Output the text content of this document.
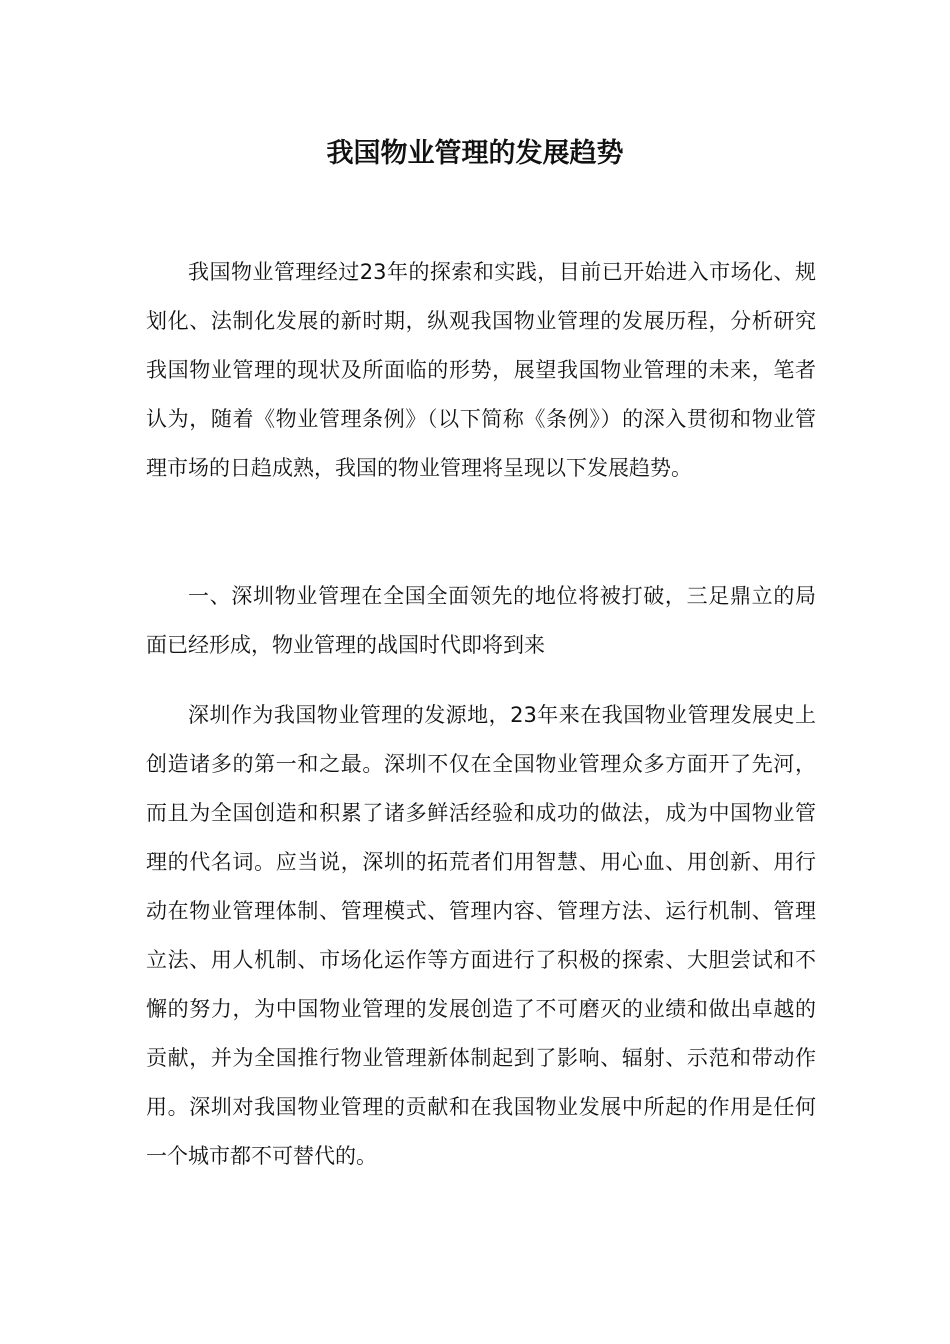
我国物业管理的发展趋势

我国物业管理经过23年的探索和实践，目前已开始进入市场化、规划化、法制化发展的新时期，纵观我国物业管理的发展历程，分析研究我国物业管理的现状及所面临的形势，展望我国物业管理的未来，笔者认为，随着《物业管理条例》（以下简称《条例》）的深入贯彻和物业管理市场的日趋成熟，我国的物业管理将呈现以下发展趋势。

一、深圳物业管理在全国全面领先的地位将被打破，三足鼎立的局面已经形成，物业管理的战国时代即将到来

深圳作为我国物业管理的发源地，23年来在我国物业管理发展史上创造诸多的第一和之最。深圳不仅在全国物业管理众多方面开了先河，而且为全国创造和积累了诸多鲜活经验和成功的做法，成为中国物业管理的代名词。应当说，深圳的拓荒者们用智慧、用心血、用创新、用行动在物业管理体制、管理模式、管理内容、管理方法、运行机制、管理立法、用人机制、市场化运作等方面进行了积极的探索、大胆尝试和不懈的努力，为中国物业管理的发展创造了不可磨灭的业绩和做出卓越的贡献，并为全国推行物业管理新体制起到了影响、辐射、示范和带动作用。深圳对我国物业管理的贡献和在我国物业发展中所起的作用是任何一个城市都不可替代的。
